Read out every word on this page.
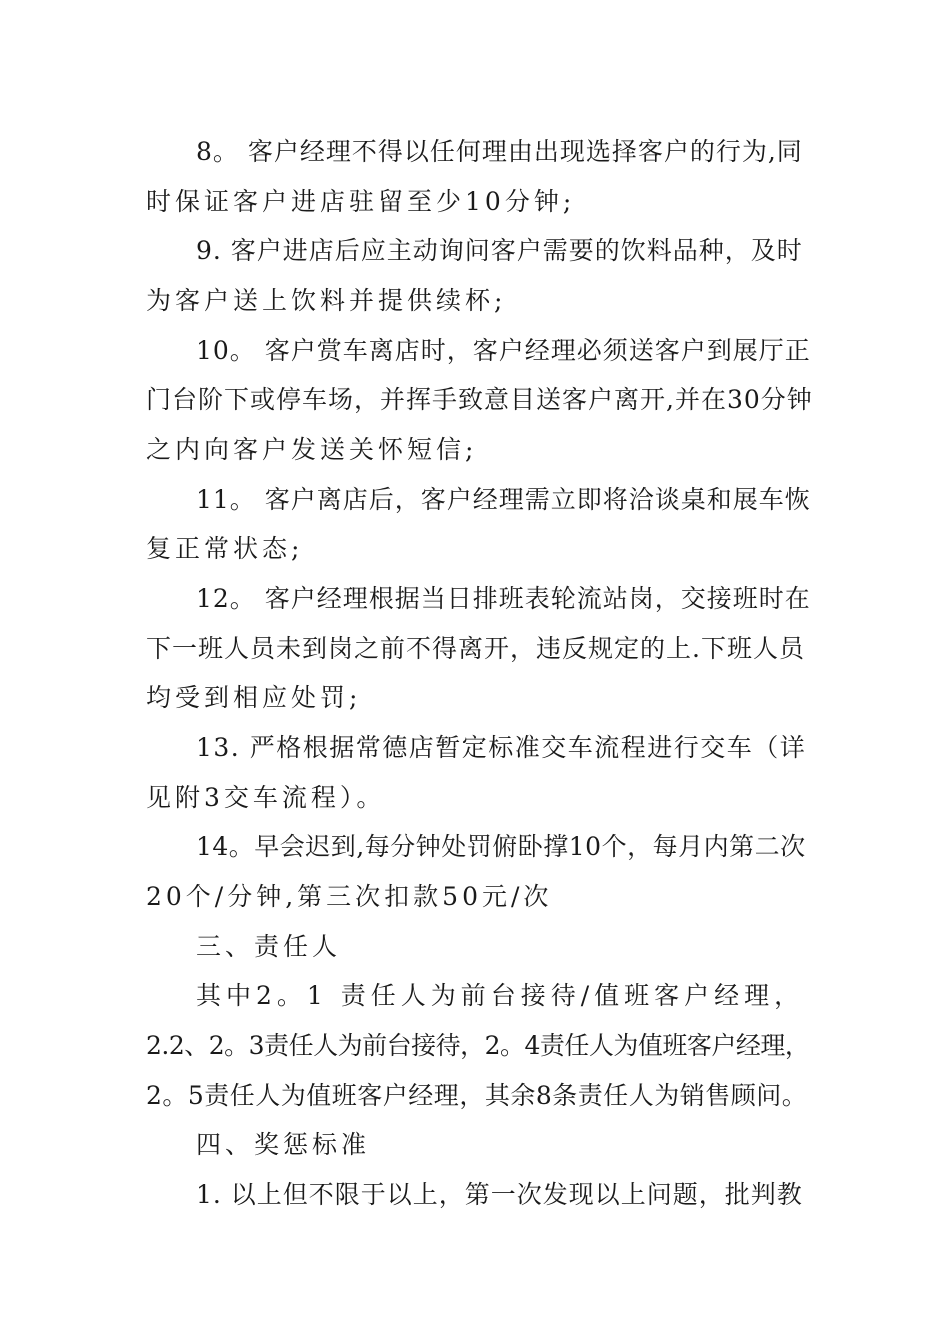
8。 客户经理不得以任何理由出现选择客户的行为,同
时保证客户进店驻留至少10分钟;
9. 客户进店后应主动询问客户需要的饮料品种，及时
为客户送上饮料并提供续杯;
10。 客户赏车离店时，客户经理必须送客户到展厅正
门台阶下或停车场，并挥手致意目送客户离开,并在30分钟
之内向客户发送关怀短信;
11。 客户离店后，客户经理需立即将洽谈桌和展车恢
复正常状态;
12。 客户经理根据当日排班表轮流站岗，交接班时在
下一班人员未到岗之前不得离开，违反规定的上.下班人员
均受到相应处罚;
13. 严格根据常德店暂定标准交车流程进行交车（详
见附3交车流程）。
14。早会迟到,每分钟处罚俯卧撑10个，每月内第二次
20个/分钟,第三次扣款50元/次
三、责任人
其中2。1 责任人为前台接待/值班客户经理，
2.2、2。3责任人为前台接待，2。4责任人为值班客户经理，
2。5责任人为值班客户经理，其余8条责任人为销售顾问。
四、奖惩标准
1. 以上但不限于以上，第一次发现以上问题，批判教
